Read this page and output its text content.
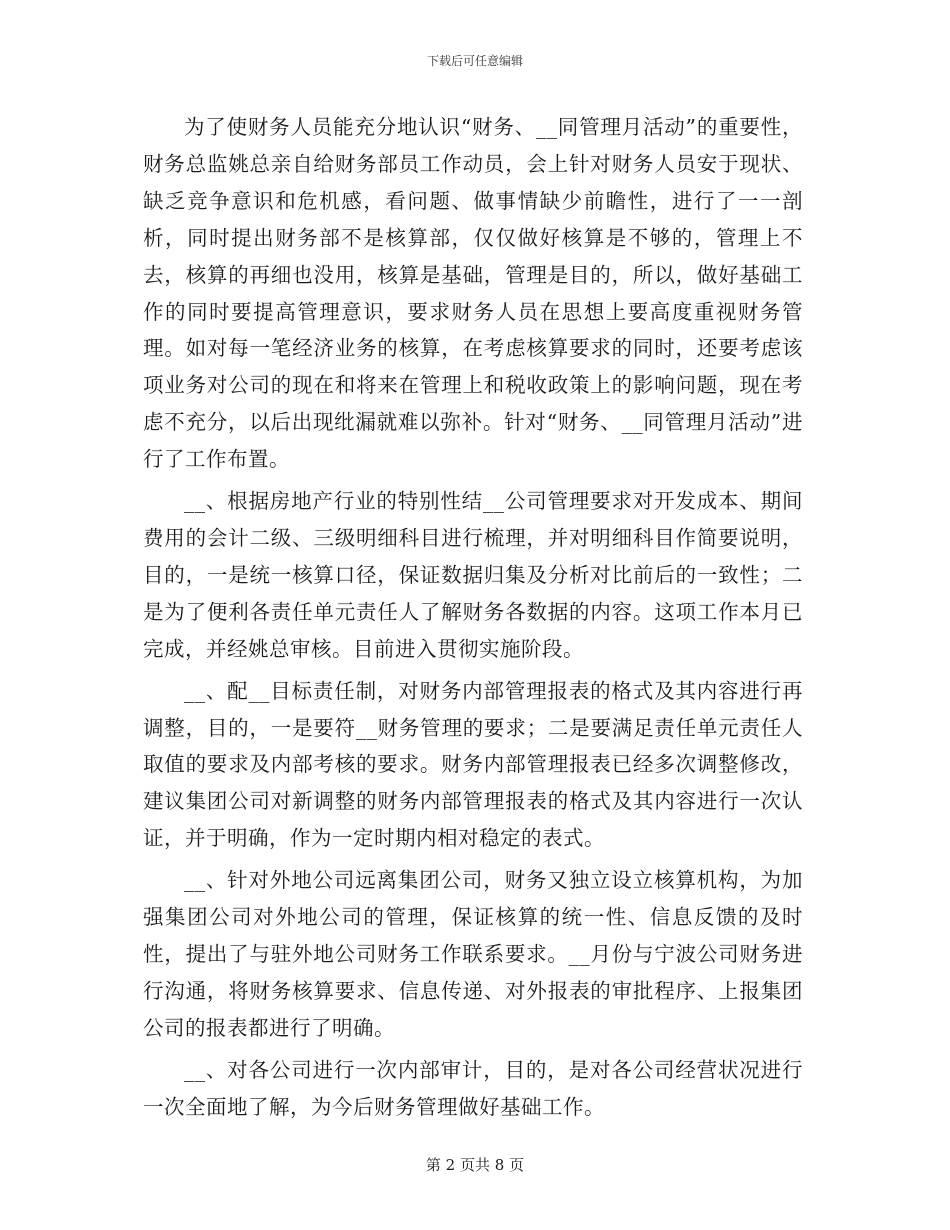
下载后可任意编辑

为了使财务人员能充分地认识“财务、__同管理月活动”的重要性，财务总监姚总亲自给财务部员工作动员，会上针对财务人员安于现状、缺乏竞争意识和危机感，看问题、做事情缺少前瞻性，进行了一一剖析，同时提出财务部不是核算部，仅仅做好核算是不够的，管理上不去，核算的再细也没用，核算是基础，管理是目的，所以，做好基础工作的同时要提高管理意识，要求财务人员在思想上要高度重视财务管理。如对每一笔经济业务的核算，在考虑核算要求的同时，还要考虑该项业务对公司的现在和将来在管理上和税收政策上的影响问题，现在考虑不充分，以后出现纰漏就难以弥补。针对“财务、__同管理月活动”进行了工作布置。

__、根据房地产行业的特别性结__公司管理要求对开发成本、期间费用的会计二级、三级明细科目进行梳理，并对明细科目作简要说明，目的，一是统一核算口径，保证数据归集及分析对比前后的一致性；二是为了便利各责任单元责任人了解财务各数据的内容。这项工作本月已完成，并经姚总审核。目前进入贯彻实施阶段。

__、配__目标责任制，对财务内部管理报表的格式及其内容进行再调整，目的，一是要符__财务管理的要求；二是要满足责任单元责任人取值的要求及内部考核的要求。财务内部管理报表已经多次调整修改，建议集团公司对新调整的财务内部管理报表的格式及其内容进行一次认证，并于明确，作为一定时期内相对稳定的表式。

__、针对外地公司远离集团公司，财务又独立设立核算机构，为加强集团公司对外地公司的管理，保证核算的统一性、信息反馈的及时性，提出了与驻外地公司财务工作联系要求。__月份与宁波公司财务进行沟通，将财务核算要求、信息传递、对外报表的审批程序、上报集团公司的报表都进行了明确。

__、对各公司进行一次内部审计，目的，是对各公司经营状况进行一次全面地了解，为今后财务管理做好基础工作。

第 2 页共 8 页
